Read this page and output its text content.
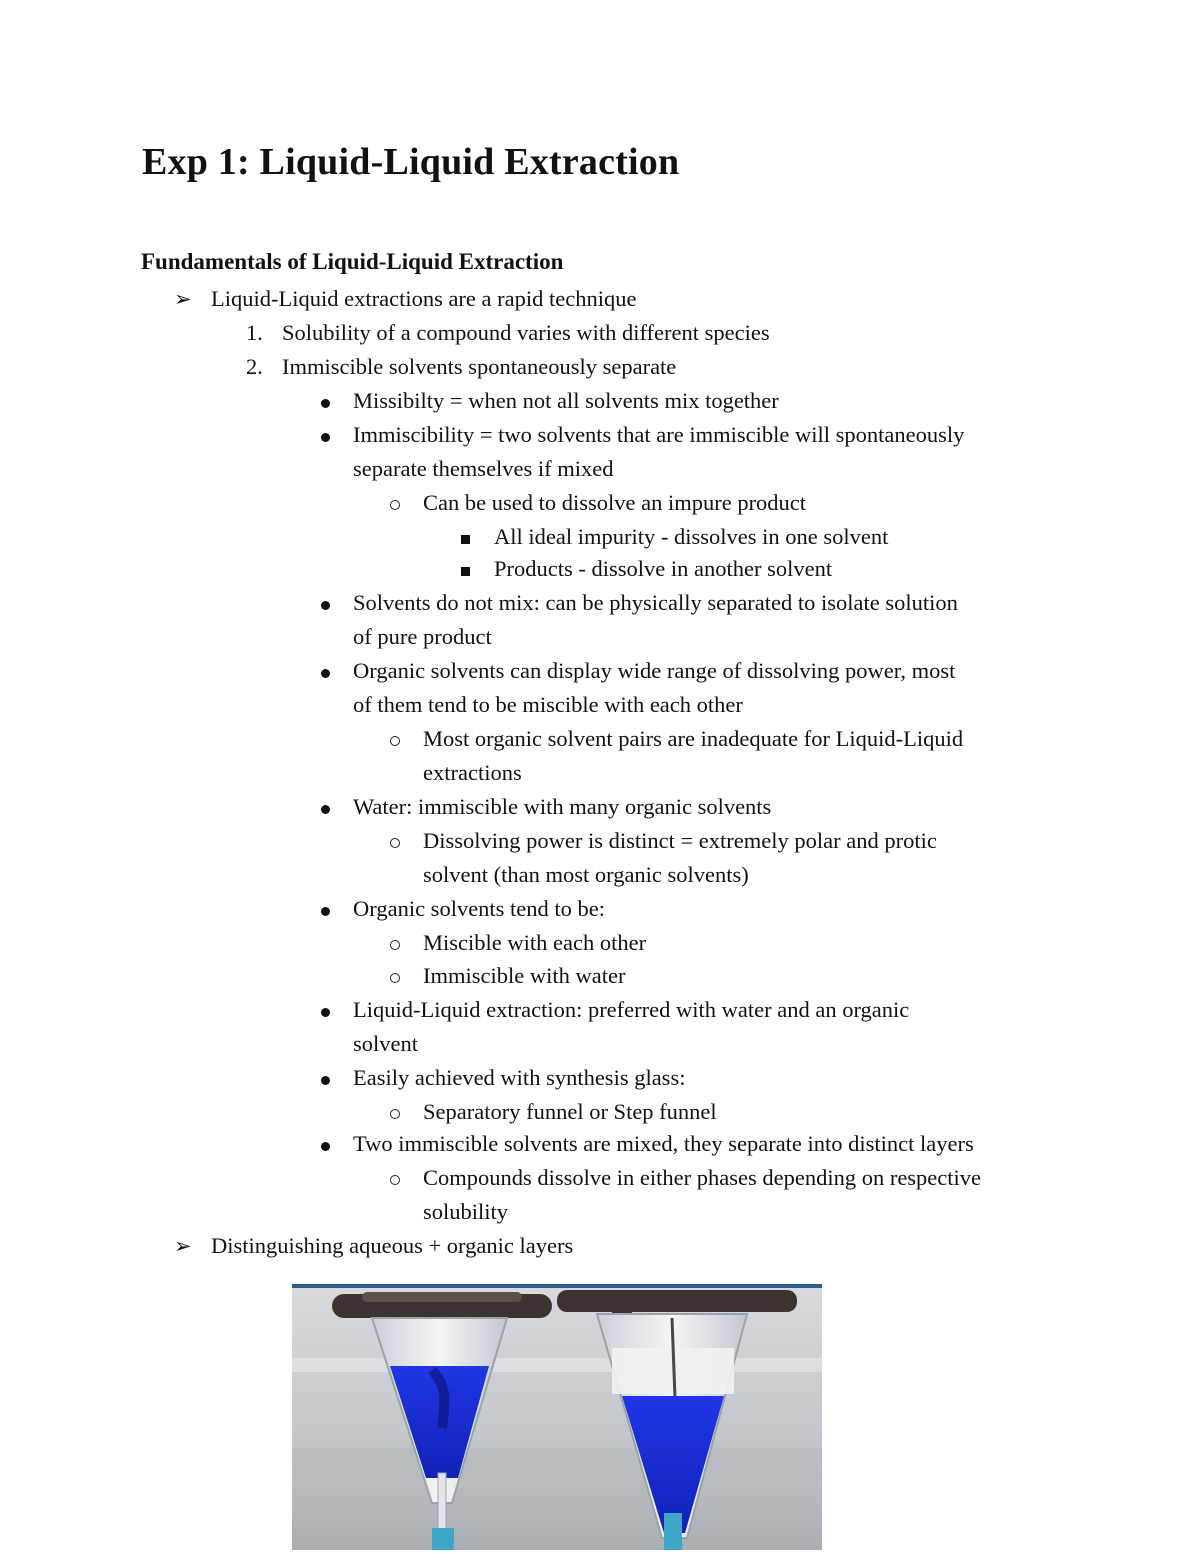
Exp 1: Liquid-Liquid Extraction
Fundamentals of Liquid-Liquid Extraction
➢ Liquid-Liquid extractions are a rapid technique
1. Solubility of a compound varies with different species
2. Immiscible solvents spontaneously separate
Missibilty = when not all solvents mix together
Immiscibility = two solvents that are immiscible will spontaneously
separate themselves if mixed
Can be used to dissolve an impure product
All ideal impurity - dissolves in one solvent
Products - dissolve in another solvent
Solvents do not mix: can be physically separated to isolate solution
of pure product
Organic solvents can display wide range of dissolving power, most
of them tend to be miscible with each other
Most organic solvent pairs are inadequate for Liquid-Liquid
extractions
Water: immiscible with many organic solvents
Dissolving power is distinct = extremely polar and protic
solvent (than most organic solvents)
Organic solvents tend to be:
Miscible with each other
Immiscible with water
Liquid-Liquid extraction: preferred with water and an organic
solvent
Easily achieved with synthesis glass:
Separatory funnel or Step funnel
Two immiscible solvents are mixed, they separate into distinct layers
Compounds dissolve in either phases depending on respective
solubility
➢ Distinguishing aqueous + organic layers
